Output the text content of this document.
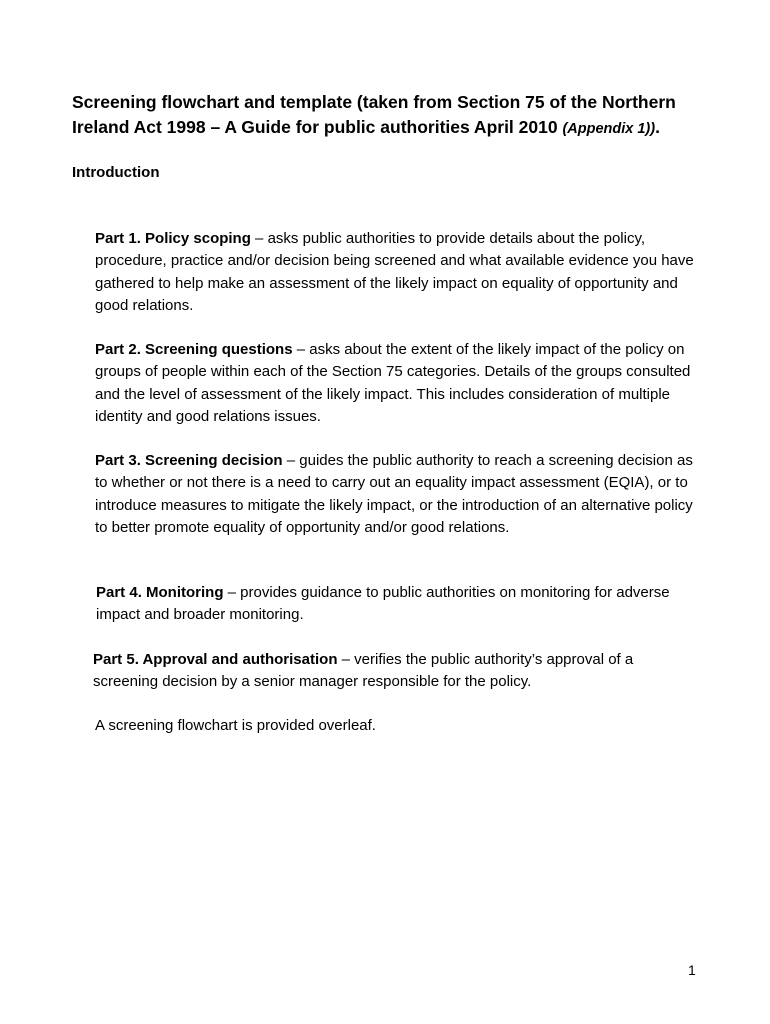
Screening flowchart and template (taken from Section 75 of the Northern Ireland Act 1998 – A Guide for public authorities April 2010 (Appendix 1)).

Introduction

Part 1. Policy scoping – asks public authorities to provide details about the policy, procedure, practice and/or decision being screened and what available evidence you have gathered to help make an assessment of the likely impact on equality of opportunity and good relations.

Part 2. Screening questions – asks about the extent of the likely impact of the policy on groups of people within each of the Section 75 categories. Details of the groups consulted and the level of assessment of the likely impact. This includes consideration of multiple identity and good relations issues.

Part 3. Screening decision – guides the public authority to reach a screening decision as to whether or not there is a need to carry out an equality impact assessment (EQIA), or to introduce measures to mitigate the likely impact, or the introduction of an alternative policy to better promote equality of opportunity and/or good relations.

Part 4. Monitoring – provides guidance to public authorities on monitoring for adverse impact and broader monitoring.

Part 5. Approval and authorisation – verifies the public authority’s approval of a screening decision by a senior manager responsible for the policy.

A screening flowchart is provided overleaf.

1
